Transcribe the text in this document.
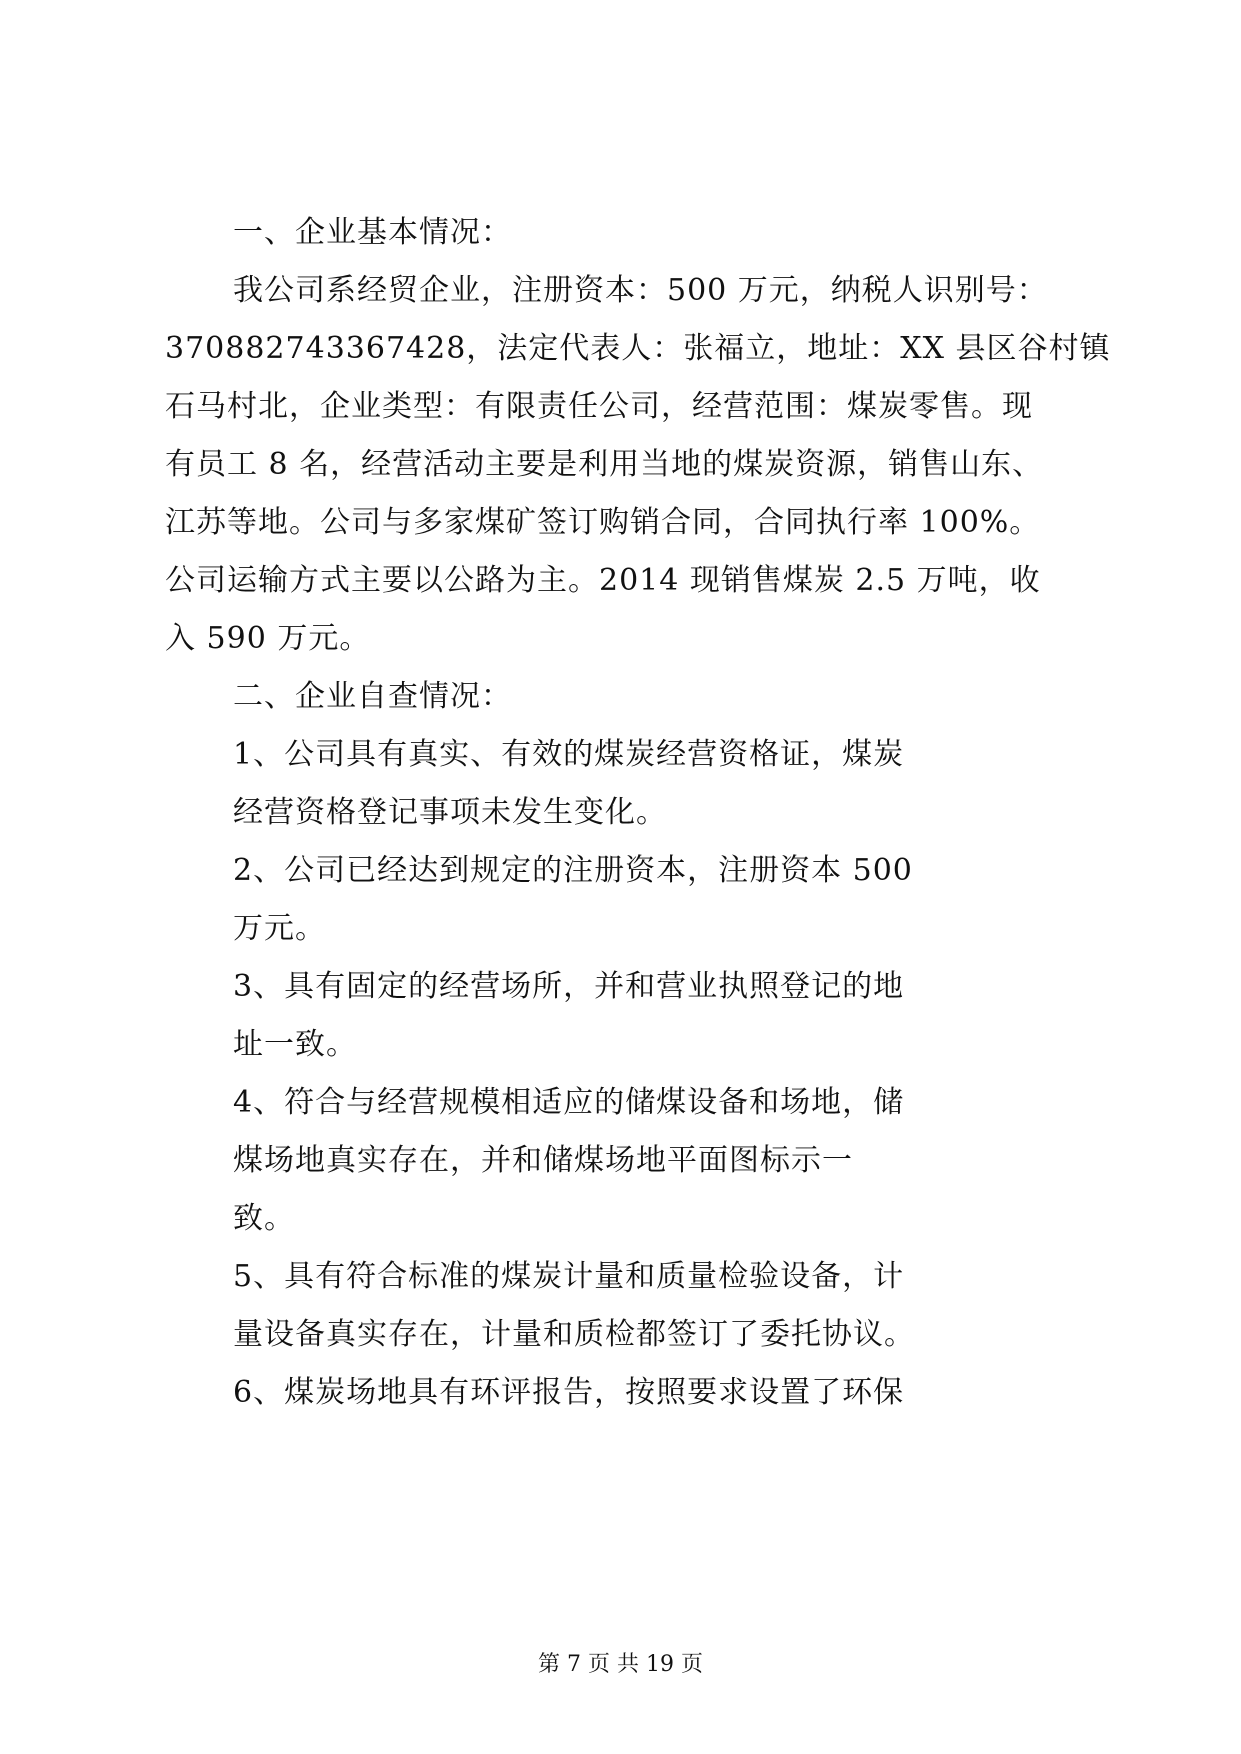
一、企业基本情况：
我公司系经贸企业，注册资本：500 万元，纳税人识别号：
370882743367428，法定代表人：张福立，地址：XX 县区谷村镇
石马村北，企业类型：有限责任公司，经营范围：煤炭零售。现
有员工 8 名，经营活动主要是利用当地的煤炭资源，销售山东、
江苏等地。公司与多家煤矿签订购销合同，合同执行率 100%。
公司运输方式主要以公路为主。2014 现销售煤炭 2.5 万吨，收
入 590 万元。
二、企业自查情况：
1、公司具有真实、有效的煤炭经营资格证，煤炭
经营资格登记事项未发生变化。
2、公司已经达到规定的注册资本，注册资本 500
万元。
3、具有固定的经营场所，并和营业执照登记的地
址一致。
4、符合与经营规模相适应的储煤设备和场地，储
煤场地真实存在，并和储煤场地平面图标示一
致。
5、具有符合标准的煤炭计量和质量检验设备，计
量设备真实存在，计量和质检都签订了委托协议。
6、煤炭场地具有环评报告，按照要求设置了环保
第 7 页 共 19 页
